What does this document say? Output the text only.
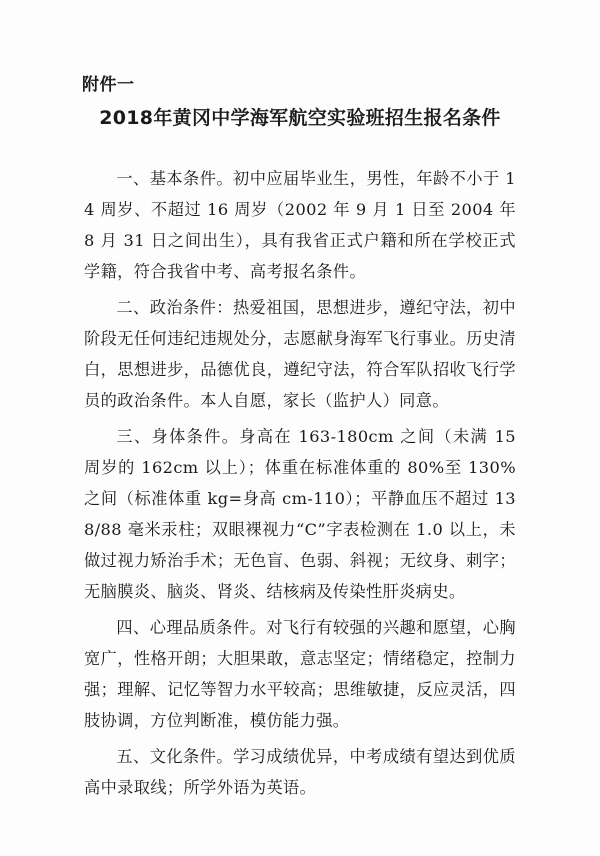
附件一
2018年黄冈中学海军航空实验班招生报名条件

一、基本条件。初中应届毕业生，男性，年龄不小于 14 周岁、不超过 16 周岁（2002 年 9 月 1 日至 2004 年 8 月 31 日之间出生），具有我省正式户籍和所在学校正式学籍，符合我省中考、高考报名条件。

二、政治条件：热爱祖国，思想进步，遵纪守法，初中阶段无任何违纪违规处分，志愿献身海军飞行事业。历史清白，思想进步，品德优良，遵纪守法，符合军队招收飞行学员的政治条件。本人自愿，家长（监护人）同意。

三、身体条件。身高在 163-180cm 之间（未满 15 周岁的 162cm 以上）；体重在标准体重的 80%至 130%之间（标准体重 kg=身高 cm-110）；平静血压不超过 138/88 毫米汞柱；双眼裸视力“C”字表检测在 1.0 以上，未做过视力矫治手术；无色盲、色弱、斜视；无纹身、刺字；无脑膜炎、脑炎、肾炎、结核病及传染性肝炎病史。

四、心理品质条件。对飞行有较强的兴趣和愿望，心胸宽广，性格开朗；大胆果敢，意志坚定；情绪稳定，控制力强；理解、记忆等智力水平较高；思维敏捷，反应灵活，四肢协调，方位判断准，模仿能力强。

五、文化条件。学习成绩优异，中考成绩有望达到优质高中录取线；所学外语为英语。
